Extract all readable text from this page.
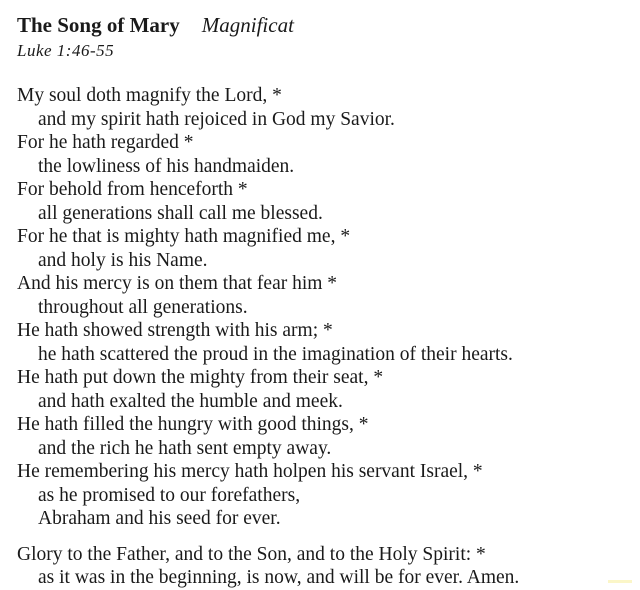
The Song of Mary Magnificat
Luke 1:46-55
My soul doth magnify the Lord, *
and my spirit hath rejoiced in God my Savior.
For he hath regarded *
the lowliness of his handmaiden.
For behold from henceforth *
all generations shall call me blessed.
For he that is mighty hath magnified me, *
and holy is his Name.
And his mercy is on them that fear him *
throughout all generations.
He hath showed strength with his arm; *
he hath scattered the proud in the imagination of their hearts.
He hath put down the mighty from their seat, *
and hath exalted the humble and meek.
He hath filled the hungry with good things, *
and the rich he hath sent empty away.
He remembering his mercy hath holpen his servant Israel, *
as he promised to our forefathers,
Abraham and his seed for ever.
Glory to the Father, and to the Son, and to the Holy Spirit: *
as it was in the beginning, is now, and will be for ever. Amen.
